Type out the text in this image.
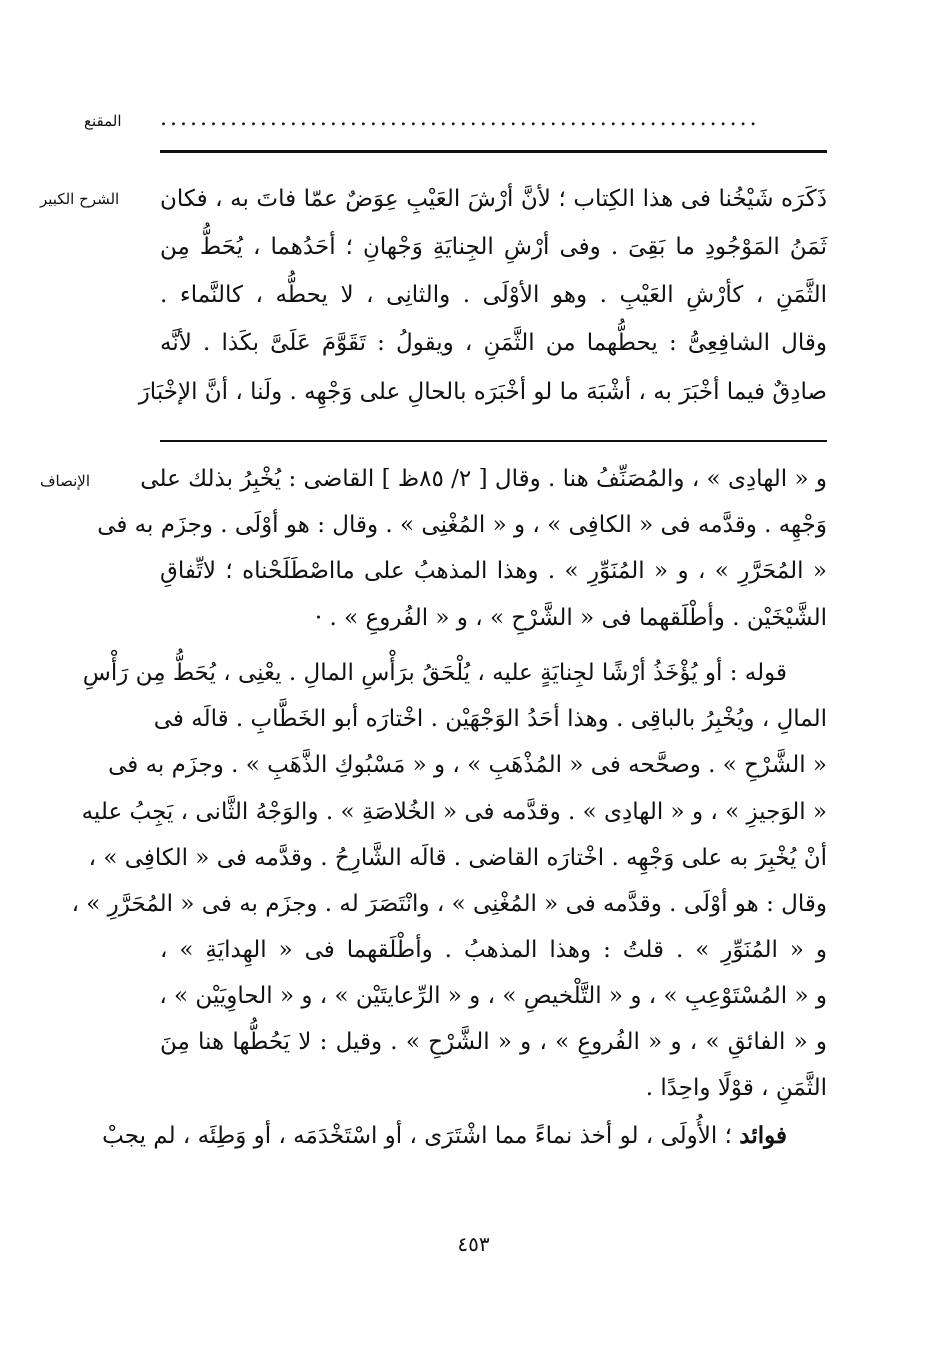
المقنع	............................................................
الشرح الكبير	ذَكَرَه شَيْخُنا فى هذا الكِتاب ؛ لأنَّ أرْشَ العَيْبِ عِوَضٌ عمّا فاتَ به ، فكان
ثَمَنُ المَوْجُودِ ما بَقِىَ . وفى أرْشِ الجِنايَةِ وَجْهانِ ؛ أحَدُهما ، يُحَطُّ مِن
الثَّمَنِ ، كأرْشِ العَيْبِ . وهو الأوْلَى . والثانِى ، لا يحطُّه ، كالنَّماء .
وقال الشافِعِىُّ : يحطُّهما من الثَّمَنِ ، ويقولُ : تَقَوَّمَ عَلَىَّ بكَذا . لأنَّه
صادِقٌ فيما أخْبَرَ به ، أشْبَهَ ما لو أخْبَرَه بالحالِ على وَجْهِه . ولَنا ، أنَّ الإخْبَارَ
الإنصاف	و « الهادِى » ، والمُصَنِّفُ هنا . وقال [ ٢/ ٨٥ظ ] القاضى : يُخْبِرُ بذلك على
وَجْهِه . وقدَّمه فى « الكافِى » ، و « المُغْنِى » . وقال : هو أوْلَى . وجزَم به فى
« المُحَرَّرِ » ، و « المُنَوِّرِ » . وهذا المذهبُ على مااصْطَلَحْناه ؛ لاتِّفاقِ
الشَّيْخَيْن . وأطْلَقهما فى « الشَّرْحِ » ، و « الفُروعِ » . ·
قوله : أو يُؤْخَذُ أرْشًا لجِنايَةٍ عليه ، يُلْحَقُ برَأْسِ المالِ . يعْنِى ، يُحَطُّ مِن رَأْسِ
المالِ ، ويُخْبِرُ بالباقِى . وهذا أحَدُ الوَجْهَيْن . اخْتارَه أبو الخَطَّابِ . قالَه فى
« الشَّرْحِ » . وصحَّحه فى « المُذْهَبِ » ، و « مَسْبُوكِ الذَّهَبِ » . وجزَم به فى
« الوَجيزِ » ، و « الهادِى » . وقدَّمه فى « الخُلاصَةِ » . والوَجْهُ الثَّانى ، يَجِبُ عليه
أنْ يُخْبِرَ به على وَجْهِه . اخْتارَه القاضى . قالَه الشَّارِحُ . وقدَّمه فى « الكافِى » ،
وقال : هو أوْلَى . وقدَّمه فى « المُغْنِى » ، وانْتَصَرَ له . وجزَم به فى « المُحَرَّرِ » ،
و « المُنَوِّرِ » . قلتُ : وهذا المذهبُ . وأطْلَقهما فى « الهِدايَةِ » ،
و « المُسْتَوْعِبِ » ، و « التَّلْخيصِ » ، و « الرِّعايتَيْن » ، و « الحاوِيَيْن » ،
و « الفائقِ » ، و « الفُروعِ » ، و « الشَّرْحِ » . وقيل : لا يَحُطُّها هنا مِنَ
الثَّمَنِ ، قوْلًا واحِدًا .
فوائد ؛ الأُولَى ، لو أخذ نماءً مما اشْتَرَى ، أو اسْتَخْدَمَه ، أو وَطِئَه ، لم يجبْ
٤٥٣
